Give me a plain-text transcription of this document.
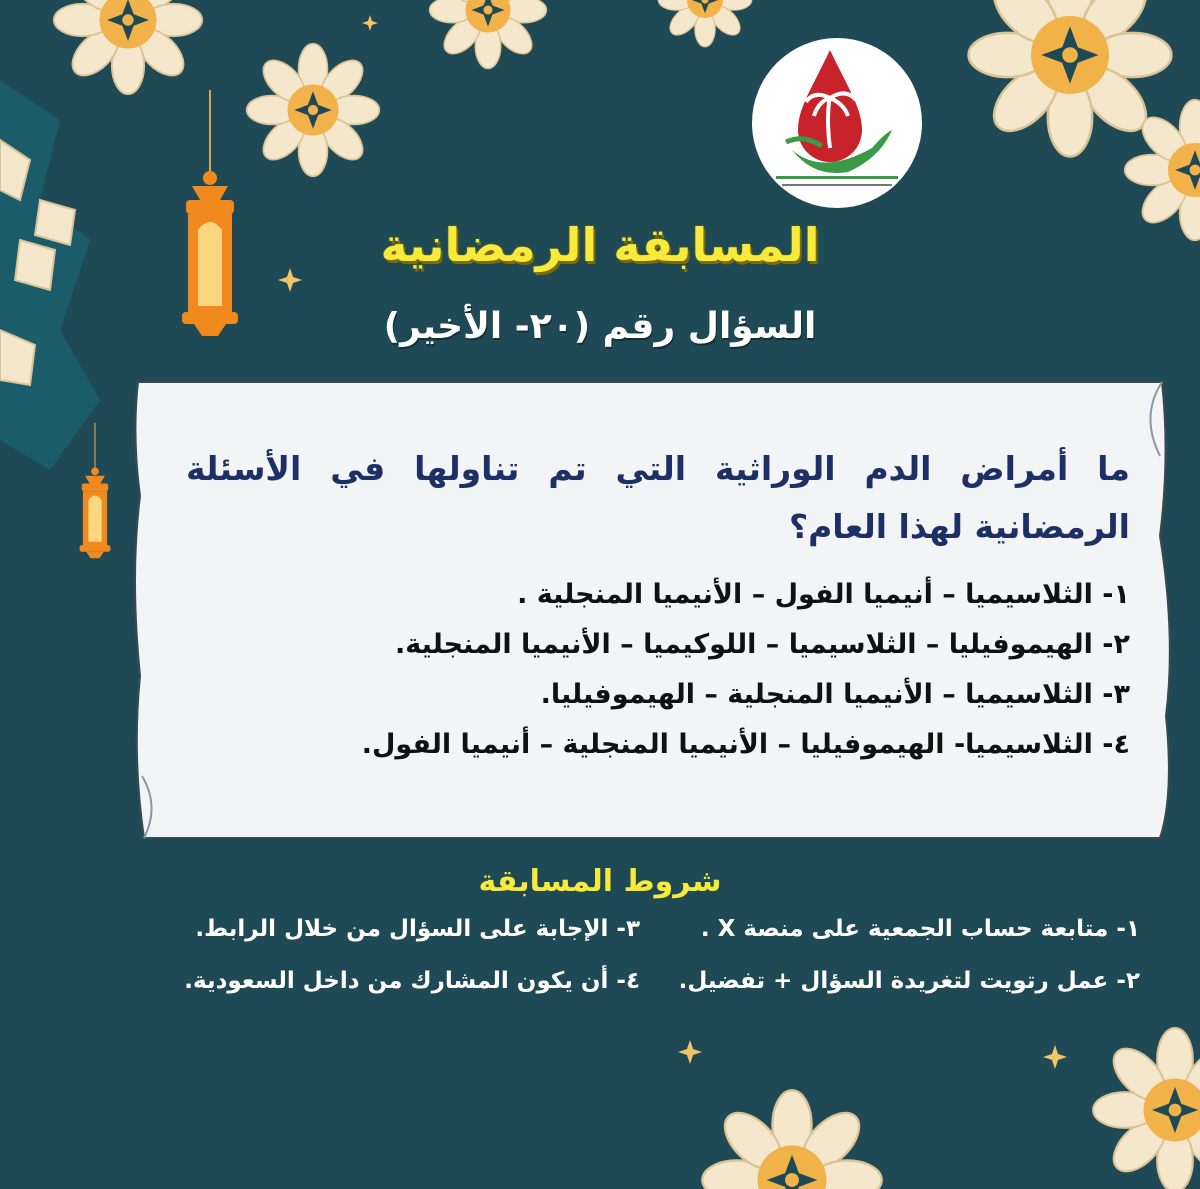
المسابقة الرمضانية
السؤال رقم (٢٠- الأخير)
ما أمراض الدم الوراثية التي تم تناولها في الأسئلة الرمضانية لهذا العام؟
١- الثلاسيميا – أنيميا الفول – الأنيميا المنجلية .
٢- الهيموفيليا – الثلاسيميا – اللوكيميا – الأنيميا المنجلية.
٣- الثلاسيميا – الأنيميا المنجلية – الهيموفيليا.
٤- الثلاسيميا- الهيموفيليا – الأنيميا المنجلية – أنيميا الفول.
شروط المسابقة
١- متابعة حساب الجمعية على منصة X .٣- الإجابة على السؤال من خلال الرابط.
٢- عمل رتويت لتغريدة السؤال + تفضيل.٤- أن يكون المشارك من داخل السعودية.
